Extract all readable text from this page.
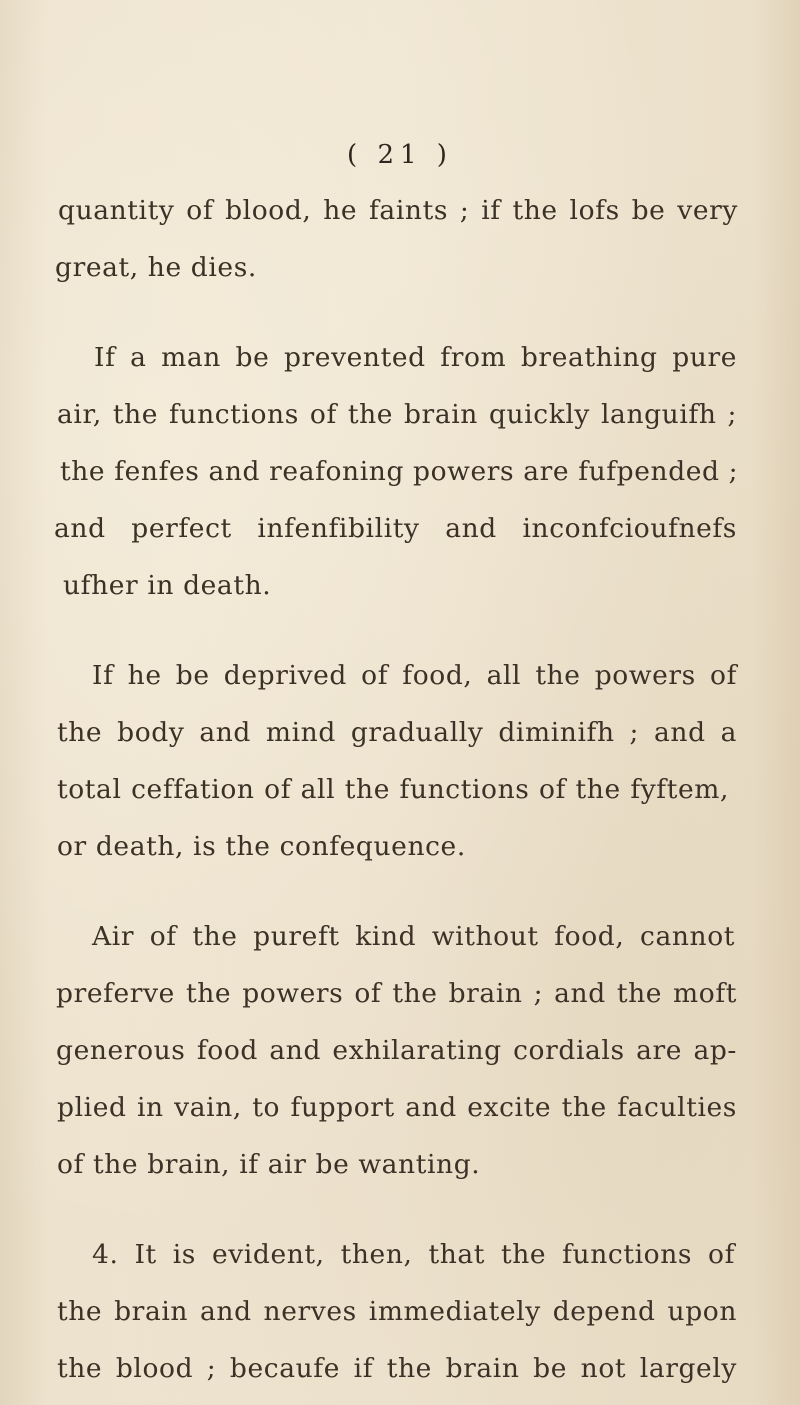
( 21 )
quantity of blood, he faints ; if the lofs be very
great, he dies.
If a man be prevented from breathing pure
air, the functions of the brain quickly languifh ;
the fenfes and reafoning powers are fufpended ;
and perfect infenfibility and inconfcioufnefs
ufher in death.
If he be deprived of food, all the powers of
the body and mind gradually diminifh ; and a
total ceffation of all the functions of the fyftem,
or death, is the confequence.
Air of the pureft kind without food, cannot
preferve the powers of the brain ; and the moft
generous food and exhilarating cordials are ap-
plied in vain, to fupport and excite the faculties
of the brain, if air be wanting.
4. It is evident, then, that the functions of
the brain and nerves immediately depend upon
the blood ; becaufe if the brain be not largely
